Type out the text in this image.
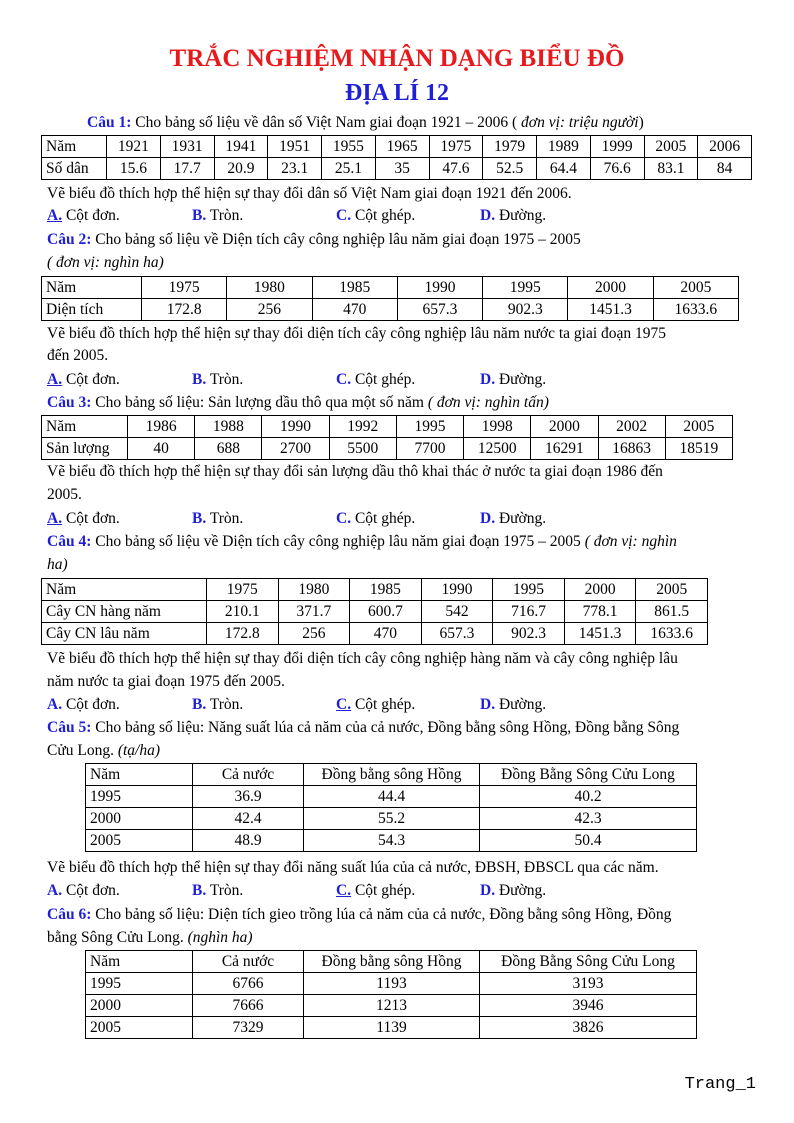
TRẮC NGHIỆM NHẬN DẠNG BIỂU ĐỒ
ĐỊA LÍ 12
Câu 1: Cho bảng số liệu về dân số Việt Nam giai đoạn 1921 – 2006 ( đơn vị: triệu người)
Năm	1921	1931	1941	1951	1955	1965	1975	1979	1989	1999	2005	2006
Số dân	15.6	17.7	20.9	23.1	25.1	35	47.6	52.5	64.4	76.6	83.1	84
Vẽ biểu đồ thích hợp thể hiện sự thay đổi dân số Việt Nam giai đoạn 1921 đến 2006.
A. Cột đơn.	B. Tròn.	C. Cột ghép.	D. Đường.
Câu 2: Cho bảng số liệu về Diện tích cây công nghiệp lâu năm giai đoạn 1975 – 2005
( đơn vị: nghìn ha)
Năm	1975	1980	1985	1990	1995	2000	2005
Diện tích	172.8	256	470	657.3	902.3	1451.3	1633.6
Vẽ biểu đồ thích hợp thể hiện sự thay đổi diện tích cây công nghiệp lâu năm nước ta giai đoạn 1975
đến 2005.
A. Cột đơn.	B. Tròn.	C. Cột ghép.	D. Đường.
Câu 3: Cho bảng số liệu: Sản lượng dầu thô qua một số năm ( đơn vị: nghìn tấn)
Năm	1986	1988	1990	1992	1995	1998	2000	2002	2005
Sản lượng	40	688	2700	5500	7700	12500	16291	16863	18519
Vẽ biểu đồ thích hợp thể hiện sự thay đổi sản lượng dầu thô khai thác ở nước ta giai đoạn 1986 đến
2005.
A. Cột đơn.	B. Tròn.	C. Cột ghép.	D. Đường.
Câu 4: Cho bảng số liệu về Diện tích cây công nghiệp lâu năm giai đoạn 1975 – 2005 ( đơn vị: nghìn
ha)
Năm	1975	1980	1985	1990	1995	2000	2005
Cây CN hàng năm	210.1	371.7	600.7	542	716.7	778.1	861.5
Cây CN lâu năm	172.8	256	470	657.3	902.3	1451.3	1633.6
Vẽ biểu đồ thích hợp thể hiện sự thay đổi diện tích cây công nghiệp hàng năm và cây công nghiệp lâu
năm nước ta giai đoạn 1975 đến 2005.
A. Cột đơn.	B. Tròn.	C. Cột ghép.	D. Đường.
Câu 5: Cho bảng số liệu: Năng suất lúa cả năm của cả nước, Đồng bằng sông Hồng, Đồng bằng Sông
Cửu Long. (tạ/ha)
Năm	Cả nước	Đồng bằng sông Hồng	Đồng Bằng Sông Cửu Long
1995	36.9	44.4	40.2
2000	42.4	55.2	42.3
2005	48.9	54.3	50.4
Vẽ biểu đồ thích hợp thể hiện sự thay đổi năng suất lúa của cả nước, ĐBSH, ĐBSCL qua các năm.
A. Cột đơn.	B. Tròn.	C. Cột ghép.	D. Đường.
Câu 6: Cho bảng số liệu: Diện tích gieo trồng lúa cả năm của cả nước, Đồng bằng sông Hồng, Đồng
bằng Sông Cửu Long. (nghìn ha)
Năm	Cả nước	Đồng bằng sông Hồng	Đồng Bằng Sông Cửu Long
1995	6766	1193	3193
2000	7666	1213	3946
2005	7329	1139	3826
Trang_1
